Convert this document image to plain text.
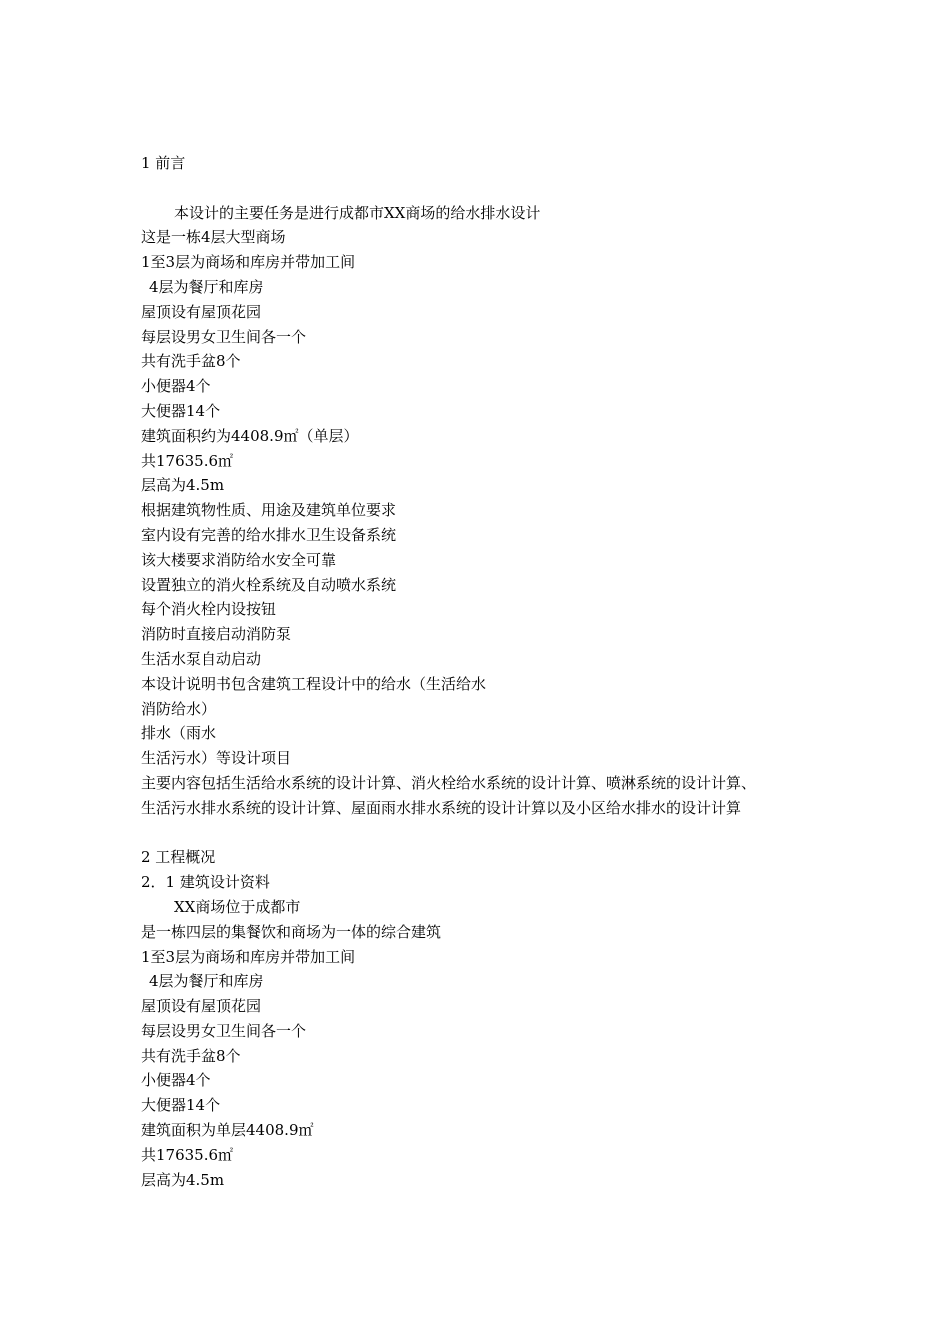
1 前言
本设计的主要任务是进行成都市XX商场的给水排水设计
这是一栋4层大型商场
1至3层为商场和库房并带加工间
4层为餐厅和库房
屋顶设有屋顶花园
每层设男女卫生间各一个
共有洗手盆8个
小便器4个
大便器14个
建筑面积约为4408.9㎡（单层）
共17635.6㎡
层高为4.5m
根据建筑物性质、用途及建筑单位要求
室内设有完善的给水排水卫生设备系统
该大楼要求消防给水安全可靠
设置独立的消火栓系统及自动喷水系统
每个消火栓内设按钮
消防时直接启动消防泵
生活水泵自动启动
本设计说明书包含建筑工程设计中的给水（生活给水
消防给水）
排水（雨水
生活污水）等设计项目
主要内容包括生活给水系统的设计计算、消火栓给水系统的设计计算、喷淋系统的设计计算、
生活污水排水系统的设计计算、屋面雨水排水系统的设计计算以及小区给水排水的设计计算
2 工程概况
2．1 建筑设计资料
XX商场位于成都市
是一栋四层的集餐饮和商场为一体的综合建筑
1至3层为商场和库房并带加工间
4层为餐厅和库房
屋顶设有屋顶花园
每层设男女卫生间各一个
共有洗手盆8个
小便器4个
大便器14个
建筑面积为单层4408.9㎡
共17635.6㎡
层高为4.5m
